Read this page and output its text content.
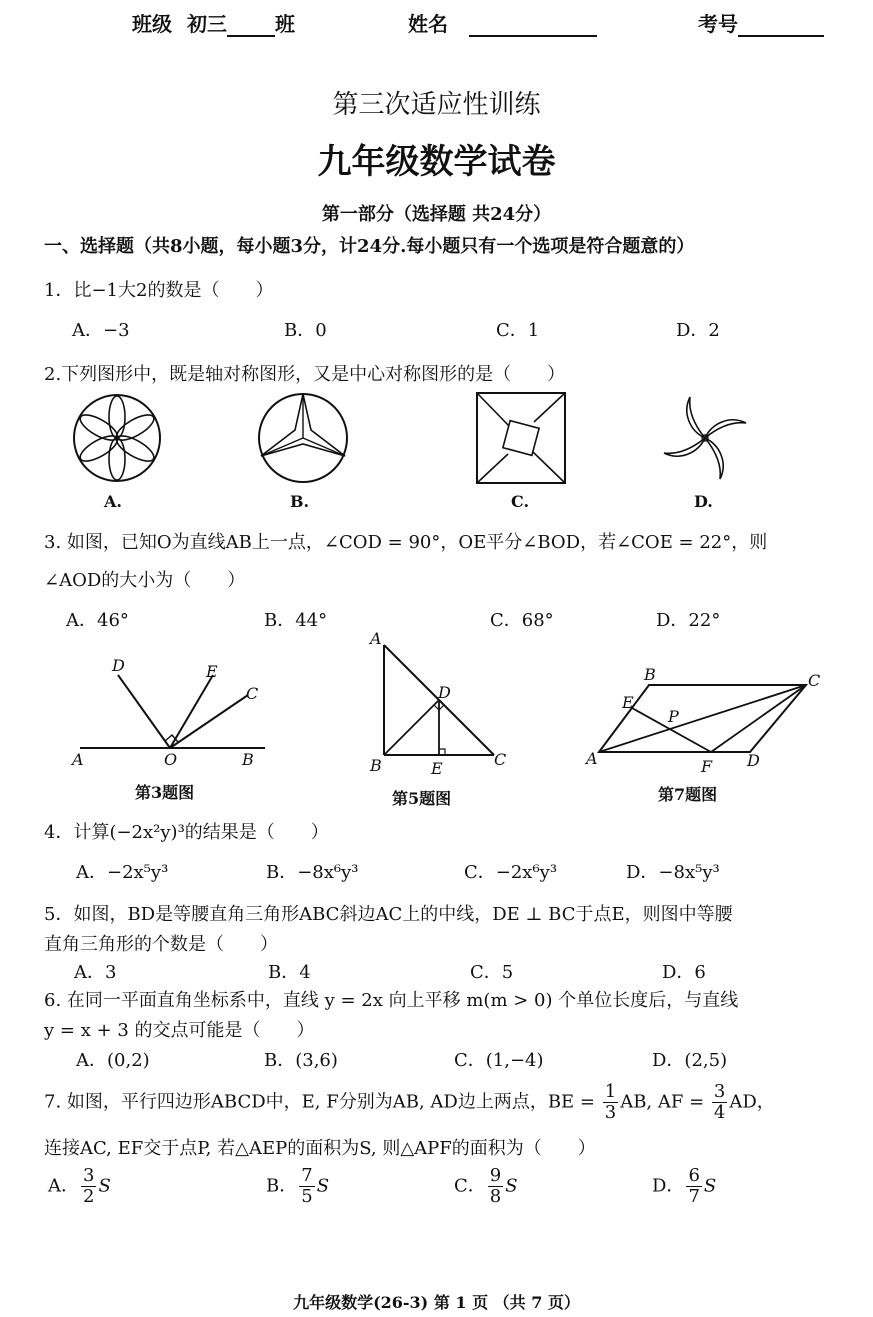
班级 初三 班	姓名	考号
第三次适应性训练
九年级数学试卷
第一部分（选择题 共24分）
一、选择题（共8小题，每小题3分，计24分.每小题只有一个选项是符合题意的）
1．比−1大2的数是（　　）
A．−3	B．0	C．1	D．2
2.下列图形中，既是轴对称图形，又是中心对称图形的是（　　）
A.	B.	C.	D.
3. 如图，已知O为直线AB上一点，∠COD = 90°，OE平分∠BOD，若∠COE = 22°，则
∠AOD的大小为（　　）
A．46°	B．44°	C．68°	D．22°
D	E
C
A	O	B
第3题图
A
D
B	E	C
第5题图
B	C
E
P
A	F D
第7题图
4．计算(−2x²y)³的结果是（　　）
A．−2x⁵y³	B．−8x⁶y³	C．−2x⁶y³	D．−8x⁵y³
5．如图，BD是等腰直角三角形ABC斜边AC上的中线，DE ⊥ BC于点E，则图中等腰
直角三角形的个数是（　　）
A．3	B．4	C．5	D．6
6. 在同一平面直角坐标系中，直线 y = 2x 向上平移 m(m > 0) 个单位长度后，与直线
y = x + 3 的交点可能是（　　）
A．(0,2)	B．(3,6)	C．(1,−4)	D．(2,5)
7. 如图，平行四边形ABCD中，E, F分别为AB, AD边上两点，BE = $\frac{1}{3}$ AB, AF = $\frac{3}{4}$ AD，
连接AC, EF交于点P, 若△AEP的面积为S, 则△APF的面积为（　　）
A． $\frac{3}{2}$ S	B． $\frac{7}{5}$ S	C． $\frac{9}{8}$ S	D． $\frac{6}{7}$ S
九年级数学(26-3) 第 1 页 （共 7 页）
